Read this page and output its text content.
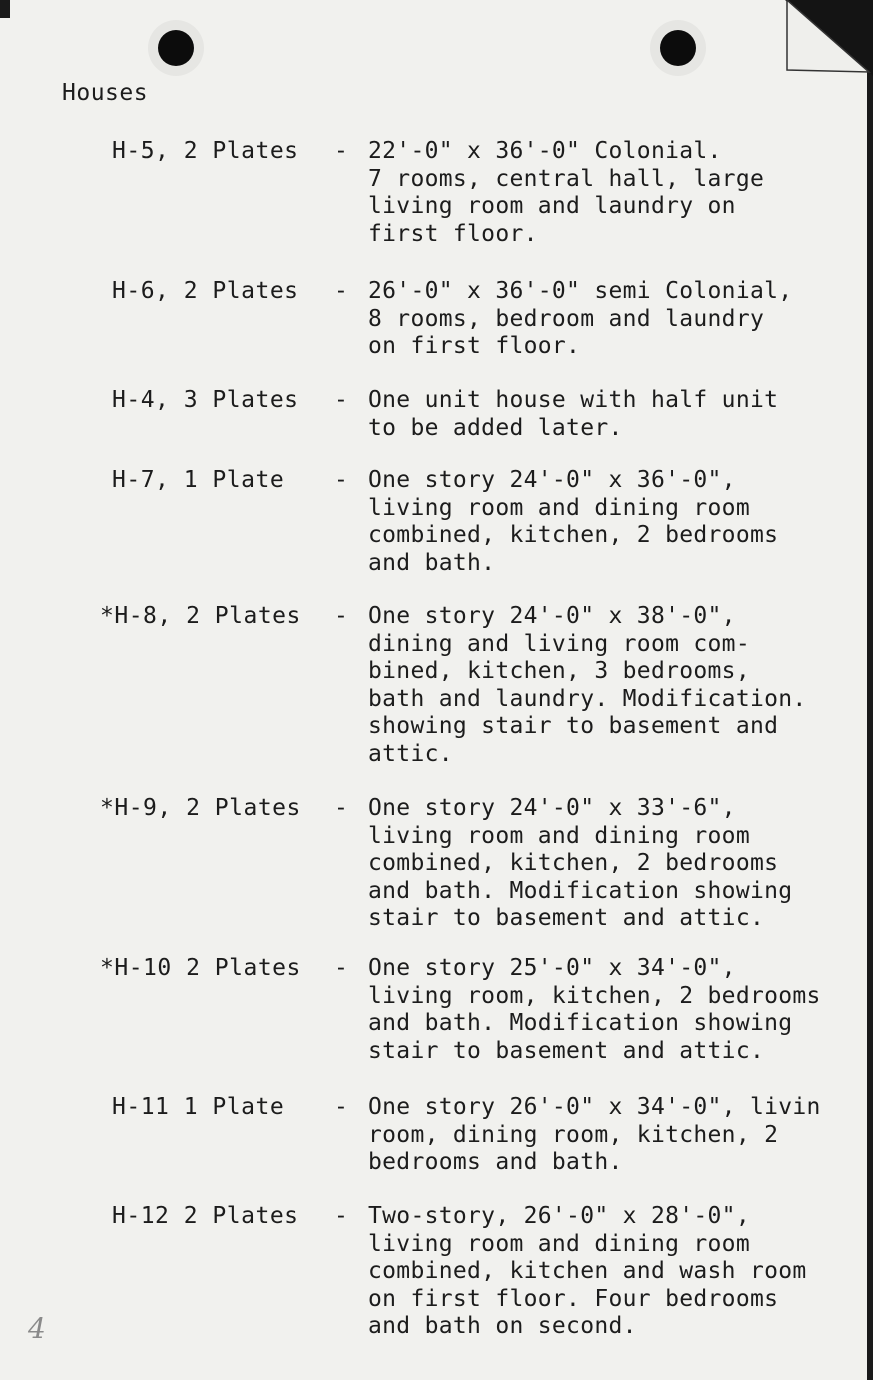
Houses
H-5, 2 Plates - 22'-0" x 36'-0" Colonial.
7 rooms, central hall, large
living room and laundry on
first floor.
H-6, 2 Plates - 26'-0" x 36'-0" semi Colonial,
8 rooms, bedroom and laundry
on first floor.
H-4, 3 Plates - One unit house with half unit
to be added later.
H-7, 1 Plate - One story 24'-0" x 36'-0",
living room and dining room
combined, kitchen, 2 bedrooms
and bath.
*H-8, 2 Plates - One story 24'-0" x 38'-0",
dining and living room com-
bined, kitchen, 3 bedrooms,
bath and laundry. Modification.
showing stair to basement and
attic.
*H-9, 2 Plates - One story 24'-0" x 33'-6",
living room and dining room
combined, kitchen, 2 bedrooms
and bath. Modification showing
stair to basement and attic.
*H-10 2 Plates - One story 25'-0" x 34'-0",
living room, kitchen, 2 bedrooms
and bath. Modification showing
stair to basement and attic.
H-11 1 Plate - One story 26'-0" x 34'-0", livin
room, dining room, kitchen, 2
bedrooms and bath.
H-12 2 Plates - Two-story, 26'-0" x 28'-0",
living room and dining room
combined, kitchen and wash room
on first floor. Four bedrooms
and bath on second.
4
